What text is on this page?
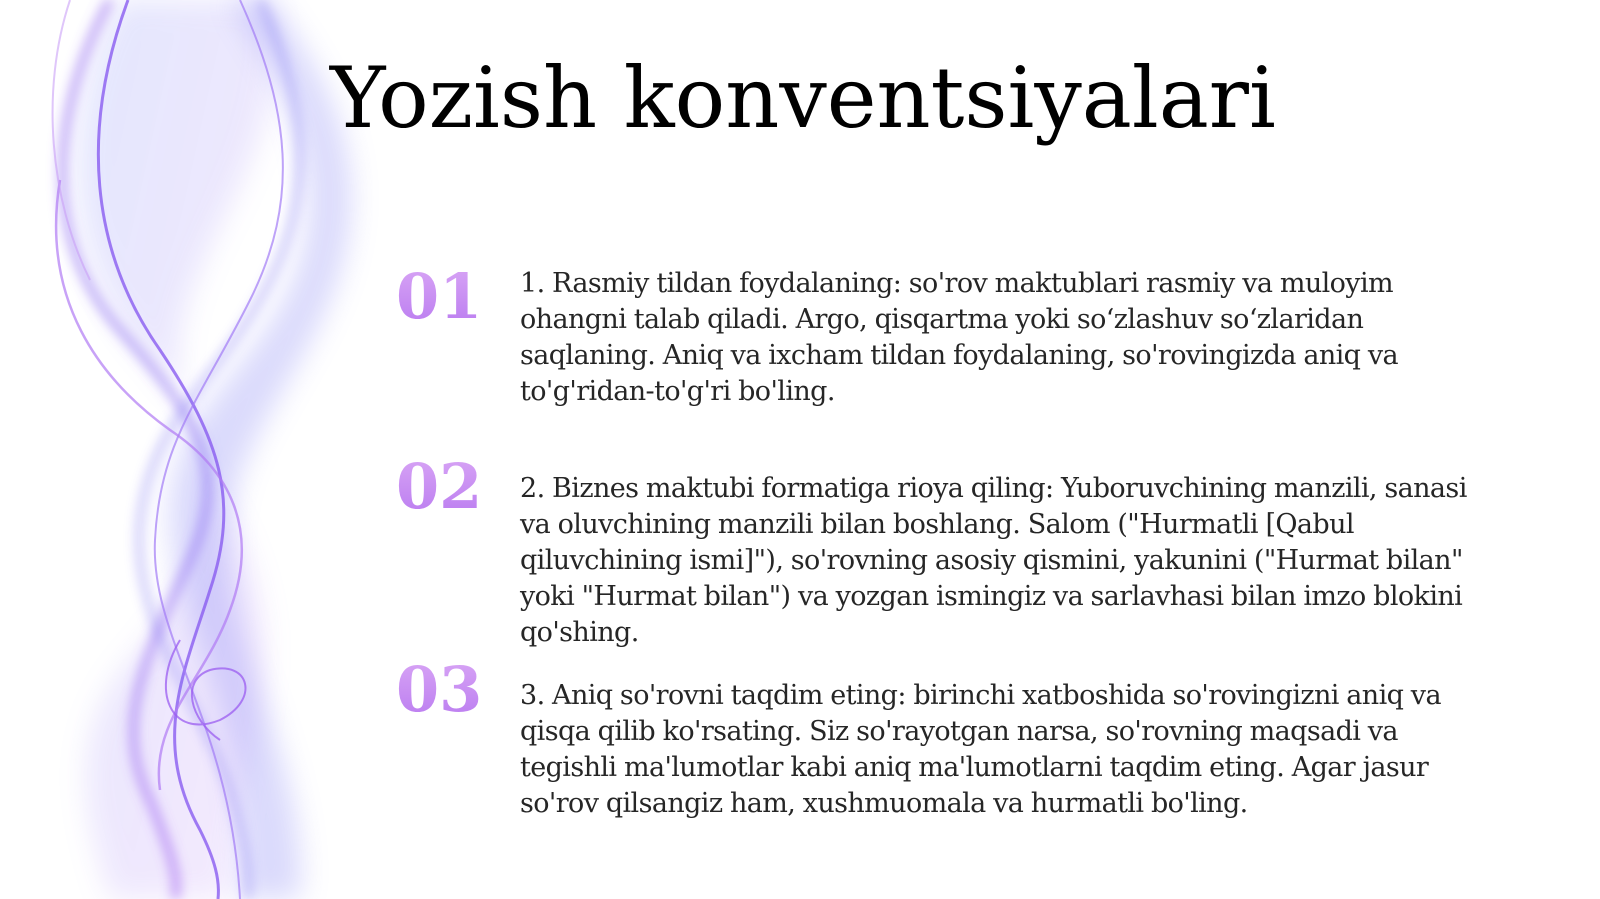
Yozish konventsiyalari
01 1. Rasmiy tildan foydalaning: so'rov maktublari rasmiy va muloyim ohangni talab qiladi. Argo, qisqartma yoki so‘zlashuv so‘zlaridan saqlaning. Aniq va ixcham tildan foydalaning, so'rovingizda aniq va to'g'ridan-to'g'ri bo'ling.

02 2. Biznes maktubi formatiga rioya qiling: Yuboruvchining manzili, sanasi va oluvchining manzili bilan boshlang. Salom ("Hurmatli [Qabul qiluvchining ismi]"), so'rovning asosiy qismini, yakunini ("Hurmat bilan" yoki "Hurmat bilan") va yozgan ismingiz va sarlavhasi bilan imzo blokini qo'shing.

03 3. Aniq so'rovni taqdim eting: birinchi xatboshida so'rovingizni aniq va qisqa qilib ko'rsating. Siz so'rayotgan narsa, so'rovning maqsadi va tegishli ma'lumotlar kabi aniq ma'lumotlarni taqdim eting. Agar jasur so'rov qilsangiz ham, xushmuomala va hurmatli bo'ling.
